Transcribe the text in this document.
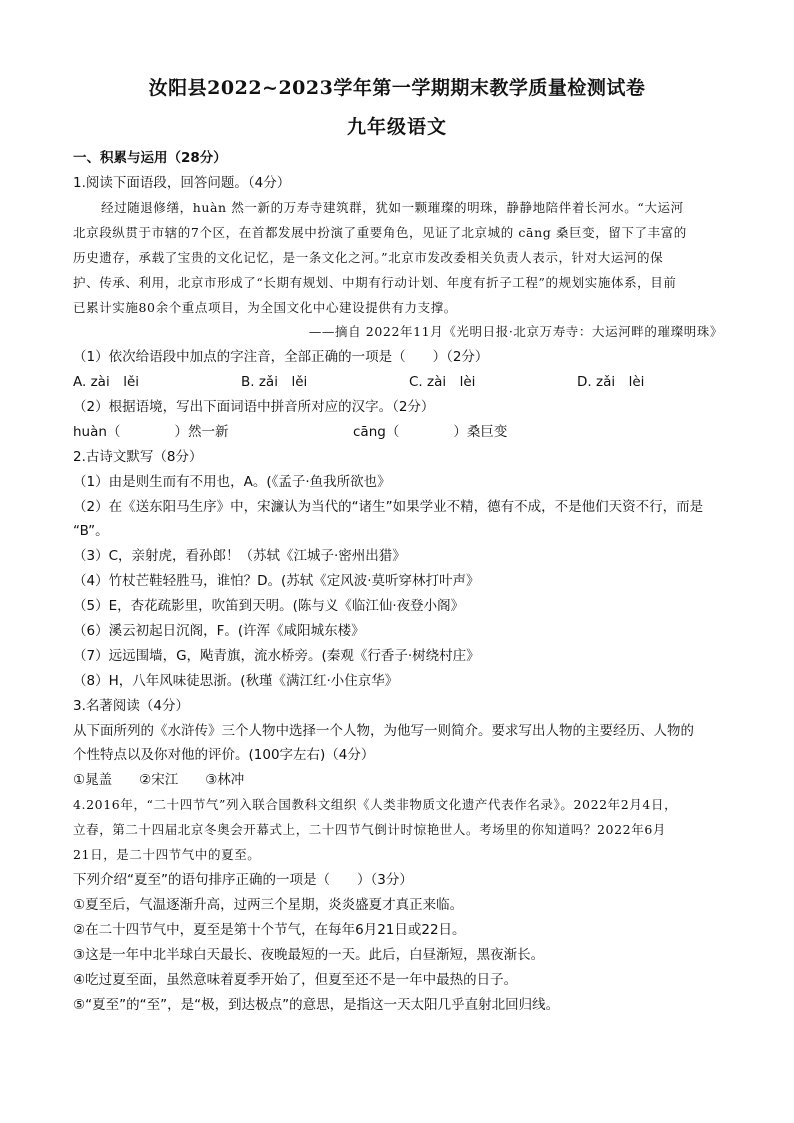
汝阳县2022~2023学年第一学期期末教学质量检测试卷
九年级语文
一、积累与运用（28分）
1.阅读下面语段，回答问题。（4分）
经过随退修缮，huàn 然一新的万寿寺建筑群，犹如一颗璀璨的明珠，静静地陪伴着长河水。“大运河
北京段纵贯于市辖的7个区，在首都发展中扮演了重要角色，见证了北京城的 cāng 桑巨变，留下了丰富的
历史遗存，承载了宝贵的文化记忆，是一条文化之河。”北京市发改委相关负责人表示，针对大运河的保
护、传承、利用，北京市形成了“长期有规划、中期有行动计划、年度有折子工程”的规划实施体系，目前
已累计实施80余个重点项目，为全国文化中心建设提供有力支撑。
——摘自 2022年11月《光明日报·北京万寿寺：大运河畔的璀璨明珠》
（1）依次给语段中加点的字注音，全部正确的一项是（　　）（2分）
A. zài　lěi	B. zǎi　lěi	C. zài　lèi	D. zǎi　lèi
（2）根据语境，写出下面词语中拼音所对应的汉字。（2分）
huàn（　　　　）然一新	cāng（　　　　）桑巨变
2.古诗文默写（8分）
（1）由是则生而有不用也，A。(《孟子·鱼我所欲也》
（2）在《送东阳马生序》中，宋濂认为当代的“诸生”如果学业不精，德有不成，不是他们天资不行，而是
“B”。
（3）C，亲射虎，看孙郎！（苏轼《江城子·密州出猎》
（4）竹杖芒鞋轻胜马，谁怕？D。(苏轼《定风波·莫听穿林打叶声》
（5）E，杏花疏影里，吹笛到天明。(陈与义《临江仙·夜登小阁》
（6）溪云初起日沉阁，F。(许浑《咸阳城东楼》
（7）远远围墙，G，飐青旗，流水桥旁。(秦观《行香子·树绕村庄》
（8）H，八年风味徒思浙。(秋瑾《满江红·小住京华》
3.名著阅读（4分）
从下面所列的《水浒传》三个人物中选择一个人物，为他写一则简介。要求写出人物的主要经历、人物的
个性特点以及你对他的评价。(100字左右)（4分）
①晁盖　　②宋江　　③林冲
4.2016年，“二十四节气”列入联合国教科文组织《人类非物质文化遗产代表作名录》。2022年2月4日，
立春，第二十四届北京冬奥会开幕式上，二十四节气倒计时惊艳世人。考场里的你知道吗？2022年6月
21日，是二十四节气中的夏至。
下列介绍“夏至”的语句排序正确的一项是（　　）（3分）
①夏至后，气温逐渐升高，过两三个星期，炎炎盛夏才真正来临。
②在二十四节气中，夏至是第十个节气，在每年6月21日或22日。
③这是一年中北半球白天最长、夜晚最短的一天。此后，白昼渐短，黑夜渐长。
④吃过夏至面，虽然意味着夏季开始了，但夏至还不是一年中最热的日子。
⑤“夏至”的“至”，是“极，到达极点”的意思，是指这一天太阳几乎直射北回归线。
